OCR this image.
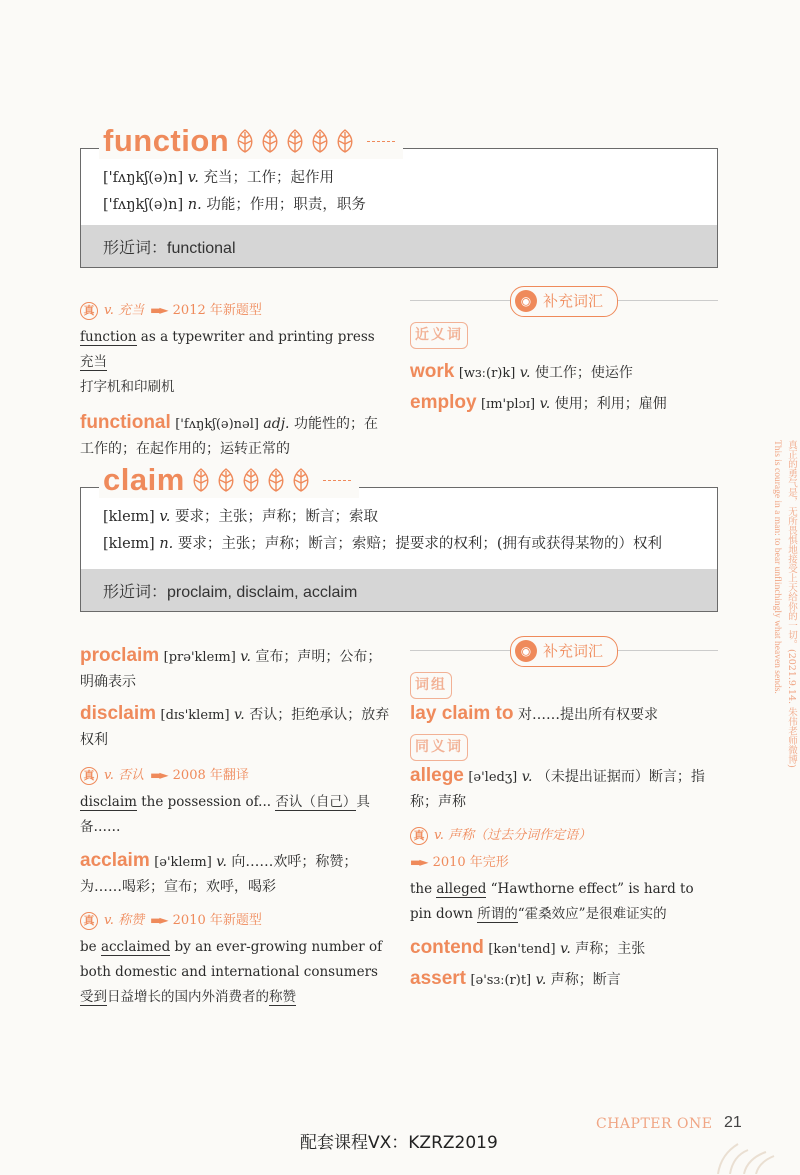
function
['fʌŋkʃ(ə)n] v. 充当；工作；起作用
['fʌŋkʃ(ə)n] n. 功能；作用；职责，职务
形近词：functional
真 v. 充当 ▬► 2012 年新题型
function as a typewriter and printing press 充当
打字机和印刷机
functional ['fʌŋkʃ(ə)nəl] adj. 功能性的；在工作的；在起作用的；运转正常的
◉ 补充词汇
近义词
work [wɜː(r)k] v. 使工作；使运作
employ [ɪm'plɔɪ] v. 使用；利用；雇佣
claim
[kleɪm] v. 要求；主张；声称；断言；索取
[kleɪm] n. 要求；主张；声称；断言；索赔；提要求的权利；(拥有或获得某物的）权利
形近词：proclaim, disclaim, acclaim
proclaim [prə'kleɪm] v. 宣布；声明；公布；明确表示
disclaim [dɪs'kleɪm] v. 否认；拒绝承认；放弃权利
真 v. 否认 ▬► 2008 年翻译
disclaim the possession of... 否认（自己）具备……
acclaim [ə'kleɪm] v. 向……欢呼；称赞；为……喝彩；宣布；欢呼，喝彩
真 v. 称赞 ▬► 2010 年新题型
be acclaimed by an ever-growing number of both domestic and international consumers 受到日益增长的国内外消费者的称赞
◉ 补充词汇
词组
lay claim to 对……提出所有权要求
同义词
allege [ə'ledʒ] v. （未提出证据而）断言；指称；声称
真 v. 声称（过去分词作定语）
▬► 2010 年完形
the alleged “Hawthorne effect” is hard to pin down 所谓的“霍桑效应”是很难证实的
contend [kən'tend] v. 声称；主张
assert [ə'sɜː(r)t] v. 声称；断言
真正的勇气是，无所畏惧地接受上天给你的一切。(2021.9.14. 朱伟老师微博)
This is courage in a man: to bear unflinchingly what heaven sends.
配套课程VX：KZRZ2019
CHAPTER ONE 21
